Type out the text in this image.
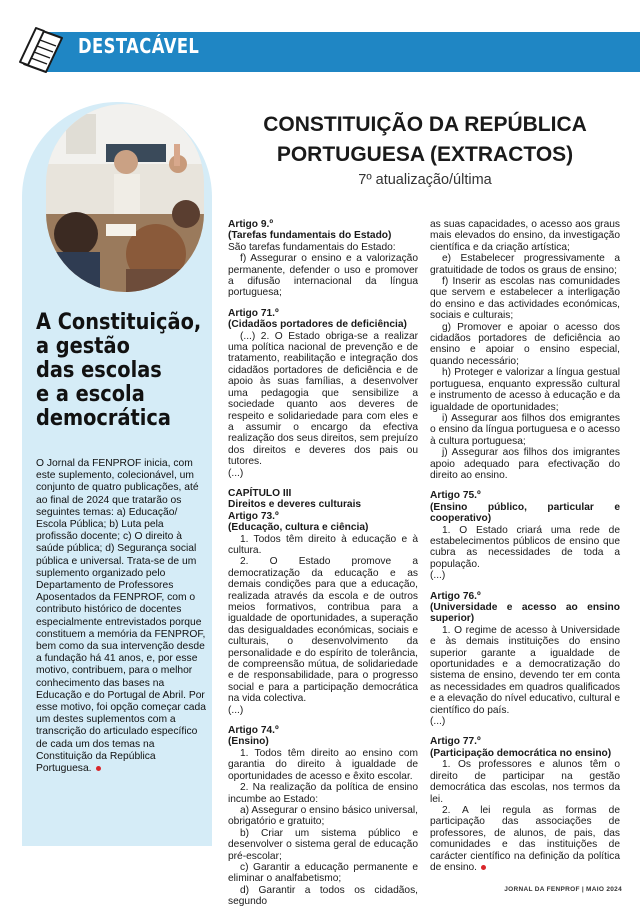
DESTACÁVEL
A Constituição,
a gestão
das escolas
e a escola
democrática
O Jornal da FENPROF inicia, com este suplemento, colecionável, um conjunto de quatro publicações, até ao final de 2024 que tratarão os seguintes temas: a) Educação/ Escola Pública; b) Luta pela profissão docente; c) O direito à saúde pública; d) Segurança social pública e universal. Trata-se de um suplemento organizado pelo Departamento de Professores Aposentados da FENPROF, com o contributo histórico de docentes especialmente entrevistados porque constituem a memória da FENPROF, bem como da sua intervenção desde a fundação há 41 anos, e, por esse motivo, contribuem, para o melhor conhecimento das bases na Educação e do Portugal de Abril. Por esse motivo, foi opção começar cada um destes suplementos com a transcrição do articulado específico de cada um dos temas na Constituição da República Portuguesa.
CONSTITUIÇÃO DA REPÚBLICA
PORTUGUESA (EXTRACTOS)
7º atualização/última

Artigo 9.º

(Tarefas fundamentais do Estado)

São tarefas fundamentais do Estado:

f) Assegurar o ensino e a valorização permanente, defender o uso e promover a difusão internacional da língua portuguesa;

Artigo 71.º

(Cidadãos portadores de deficiência)

(...) 2. O Estado obriga-se a realizar uma política nacional de prevenção e de tratamento, reabilitação e integração dos cidadãos portadores de deficiência e de apoio às suas famílias, a desenvolver uma pedagogia que sensibilize a sociedade quanto aos deveres de respeito e solidariedade para com eles e a assumir o encargo da efectiva realização dos seus direitos, sem prejuízo dos direitos e deveres dos pais ou tutores.

(...)

CAPÍTULO III

Direitos e deveres culturais

Artigo 73.º

(Educação, cultura e ciência)

1. Todos têm direito à educação e à cultura.

2. O Estado promove a democratização da educação e as demais condições para que a educação, realizada através da escola e de outros meios formativos, contribua para a igualdade de oportunidades, a superação das desigualdades económicas, sociais e culturais, o desenvolvimento da personalidade e do espírito de tolerância, de compreensão mútua, de solidariedade e de responsabilidade, para o progresso social e para a participação democrática na vida colectiva.

(...)

Artigo 74.º

(Ensino)

1. Todos têm direito ao ensino com garantia do direito à igualdade de oportunidades de acesso e êxito escolar.

2. Na realização da política de ensino incumbe ao Estado:

a) Assegurar o ensino básico universal, obrigatório e gratuito;

b) Criar um sistema público e desenvolver o sistema geral de educação pré-escolar;

c) Garantir a educação permanente e eliminar o analfabetismo;

d) Garantir a todos os cidadãos, segundo

as suas capacidades, o acesso aos graus mais elevados do ensino, da investigação científica e da criação artística;

e) Estabelecer progressivamente a gratuitidade de todos os graus de ensino;

f) Inserir as escolas nas comunidades que servem e estabelecer a interligação do ensino e das actividades económicas, sociais e culturais;

g) Promover e apoiar o acesso dos cidadãos portadores de deficiência ao ensino e apoiar o ensino especial, quando necessário;

h) Proteger e valorizar a língua gestual portuguesa, enquanto expressão cultural e instrumento de acesso à educação e da igualdade de oportunidades;

i) Assegurar aos filhos dos emigrantes o ensino da língua portuguesa e o acesso à cultura portuguesa;

j) Assegurar aos filhos dos imigrantes apoio adequado para efectivação do direito ao ensino.

Artigo 75.º

(Ensino público, particular e cooperativo)

1. O Estado criará uma rede de estabelecimentos públicos de ensino que cubra as necessidades de toda a população.

(...)

Artigo 76.º

(Universidade e acesso ao ensino superior)

1. O regime de acesso à Universidade e às demais instituições do ensino superior garante a igualdade de oportunidades e a democratização do sistema de ensino, devendo ter em conta as necessidades em quadros qualificados e a elevação do nível educativo, cultural e científico do país.

(...)

Artigo 77.º

(Participação democrática no ensino)

1. Os professores e alunos têm o direito de participar na gestão democrática das escolas, nos termos da lei.

2. A lei regula as formas de participação das associações de professores, de alunos, de pais, das comunidades e das instituições de carácter científico na definição da política de ensino.

JORNAL DA FENPROF | MAIO 2024
